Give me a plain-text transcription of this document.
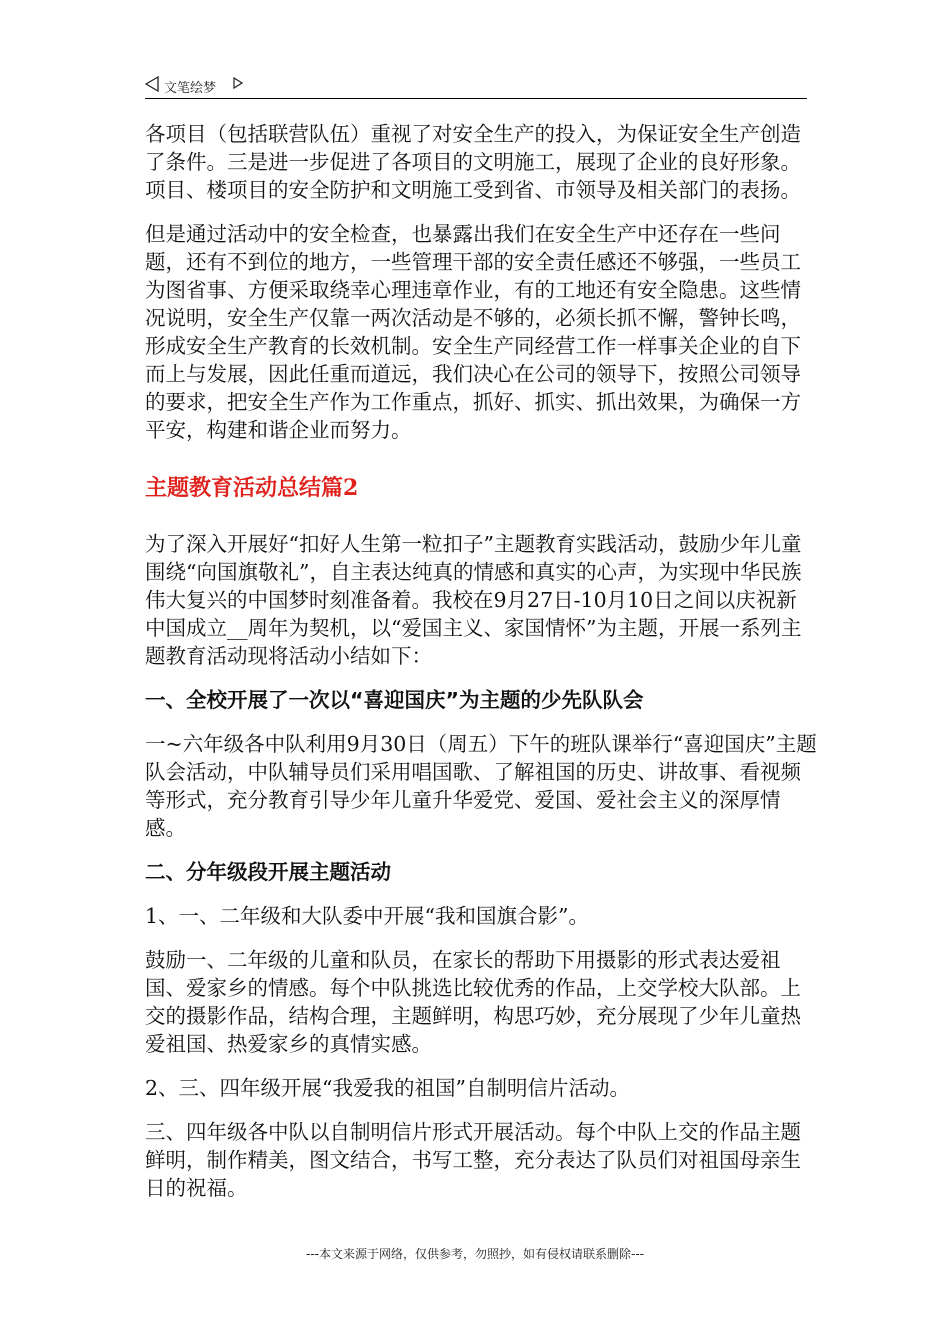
文笔绘梦

各项目（包括联营队伍）重视了对安全生产的投入，为保证安全生产创造了条件。三是进一步促进了各项目的文明施工，展现了企业的良好形象。项目、楼项目的安全防护和文明施工受到省、市领导及相关部门的表扬。

但是通过活动中的安全检查，也暴露出我们在安全生产中还存在一些问题，还有不到位的地方，一些管理干部的安全责任感还不够强，一些员工为图省事、方便采取绕幸心理违章作业，有的工地还有安全隐患。这些情况说明，安全生产仅靠一两次活动是不够的，必须长抓不懈，警钟长鸣，形成安全生产教育的长效机制。安全生产同经营工作一样事关企业的自下而上与发展，因此任重而道远，我们决心在公司的领导下，按照公司领导的要求，把安全生产作为工作重点，抓好、抓实、抓出效果，为确保一方平安，构建和谐企业而努力。

主题教育活动总结篇2

为了深入开展好“扣好人生第一粒扣子”主题教育实践活动，鼓励少年儿童围绕“向国旗敬礼”，自主表达纯真的情感和真实的心声，为实现中华民族伟大复兴的中国梦时刻准备着。我校在9月27日-10月10日之间以庆祝新中国成立__周年为契机，以“爱国主义、家国情怀”为主题，开展一系列主题教育活动现将活动小结如下：

一、全校开展了一次以“喜迎国庆”为主题的少先队队会

一~六年级各中队利用9月30日（周五）下午的班队课举行“喜迎国庆”主题队会活动，中队辅导员们采用唱国歌、了解祖国的历史、讲故事、看视频等形式，充分教育引导少年儿童升华爱党、爱国、爱社会主义的深厚情感。

二、分年级段开展主题活动

1、一、二年级和大队委中开展“我和国旗合影”。

鼓励一、二年级的儿童和队员，在家长的帮助下用摄影的形式表达爱祖国、爱家乡的情感。每个中队挑选比较优秀的作品，上交学校大队部。上交的摄影作品，结构合理，主题鲜明，构思巧妙，充分展现了少年儿童热爱祖国、热爱家乡的真情实感。

2、三、四年级开展“我爱我的祖国”自制明信片活动。

三、四年级各中队以自制明信片形式开展活动。每个中队上交的作品主题鲜明，制作精美，图文结合，书写工整，充分表达了队员们对祖国母亲生日的祝福。

---本文来源于网络，仅供参考，勿照抄，如有侵权请联系删除---
